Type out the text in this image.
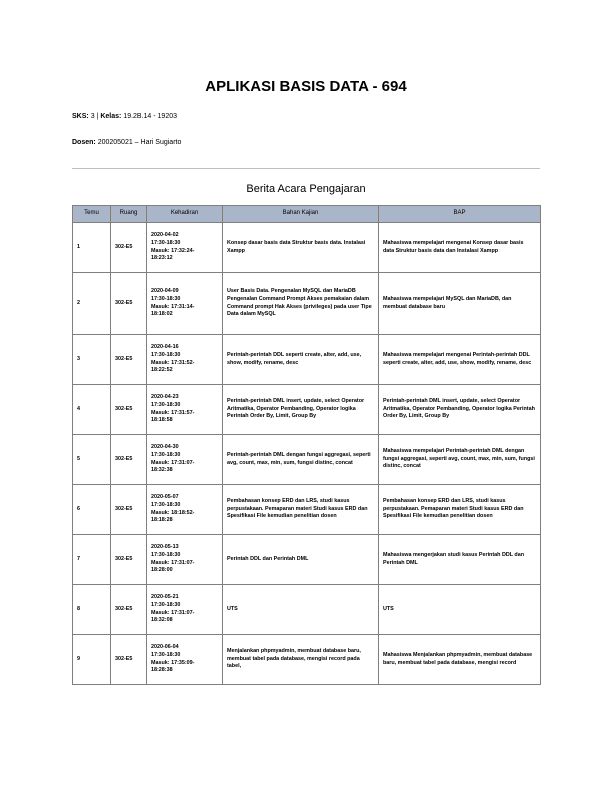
APLIKASI BASIS DATA - 694
SKS: 3 | Kelas: 19.2B.14 - 19203
Dosen: 200205021 – Hari Sugiarto
Berita Acara Pengajaran
Temu	Ruang	Kehadiran	Bahan Kajian	BAP
1	302-E5	2020-04-02
17:30-18:30
Masuk: 17:32:24-
18:23:12	Konsep dasar basis data Struktur basis data. Instalasi Xampp	Mahasiswa mempelajari mengenai Konsep dasar basis data Struktur basis data dan Instalasi Xampp
2	302-E5	2020-04-09
17:30-18:30
Masuk: 17:31:14-
18:18:02	User Basis Data. Pengenalan MySQL dan MariaDB Pengenalan Command Prompt Akses pemakaian dalam Command prompt Hak Akses (privileges) pada user Tipe Data dalam MySQL	Mahasiswa mempelajari MySQL dan MariaDB, dan membuat database baru
3	302-E5	2020-04-16
17:30-18:30
Masuk: 17:31:52-
18:22:52	Perintah-perintah DDL seperti create, alter, add, use, show, modify, rename, desc	Mahasiswa mempelajari mengenai Perintah-perintah DDL seperti create, alter, add, use, show, modify, rename, desc
4	302-E5	2020-04-23
17:30-18:30
Masuk: 17:31:57-
18:18:58	Perintah-perintah DML insert, update, select Operator Aritmatika, Operator Pembanding, Operator logika Perintah Order By, Limit, Group By	Perintah-perintah DML insert, update, select Operator Aritmatika, Operator Pembanding, Operator logika Perintah Order By, Limit, Group By
5	302-E5	2020-04-30
17:30-18:30
Masuk: 17:31:07-
18:32:38	Perintah-perintah DML dengan fungsi aggregasi, seperti avg, count, max, min, sum, fungsi distinc, concat	Mahasiswa mempelajari Perintah-perintah DML dengan fungsi aggregasi, seperti avg, count, max, min, sum, fungsi distinc, concat
6	302-E5	2020-05-07
17:30-18:30
Masuk: 18:18:52-
18:18:28	Pembahasan konsep ERD dan LRS, studi kasus perpustakaan. Pemaparan materi Studi kasus ERD dan Spesifikasi File kemudian penelitian dosen	Pembahasan konsep ERD dan LRS, studi kasus perpustakaan. Pemaparan materi Studi kasus ERD dan Spesifikasi File kemudian penelitian dosen
7	302-E5	2020-05-13
17:30-18:30
Masuk: 17:31:07-
18:28:00	Perintah DDL dan Perintah DML	Mahasiswa mengerjakan studi kasus Perintah DDL dan Perintah DML
8	302-E5	2020-05-21
17:30-18:30
Masuk: 17:31:07-
18:32:08	UTS	UTS
9	302-E5	2020-06-04
17:30-18:30
Masuk: 17:35:09-
18:28:38	Menjalankan phpmyadmin, membuat database baru, membuat tabel pada database, mengisi record pada tabel,	Mahasiswa Menjalankan phpmyadmin, membuat database baru, membuat tabel pada database, mengisi record
